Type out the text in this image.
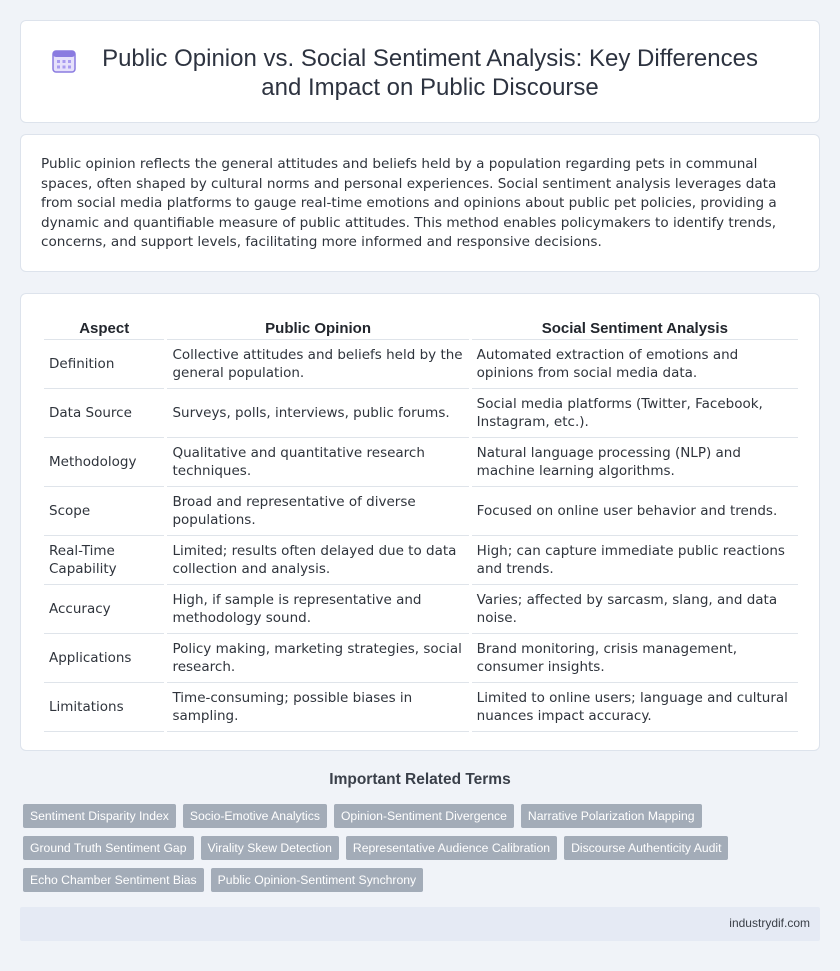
Public Opinion vs. Social Sentiment Analysis: Key Differences and Impact on Public Discourse

Public opinion reflects the general attitudes and beliefs held by a population regarding pets in communal spaces, often shaped by cultural norms and personal experiences. Social sentiment analysis leverages data from social media platforms to gauge real-time emotions and opinions about public pet policies, providing a dynamic and quantifiable measure of public attitudes. This method enables policymakers to identify trends, concerns, and support levels, facilitating more informed and responsive decisions.

Aspect	Public Opinion	Social Sentiment Analysis
Definition	Collective attitudes and beliefs held by the general population.	Automated extraction of emotions and opinions from social media data.
Data Source	Surveys, polls, interviews, public forums.	Social media platforms (Twitter, Facebook, Instagram, etc.).
Methodology	Qualitative and quantitative research techniques.	Natural language processing (NLP) and machine learning algorithms.
Scope	Broad and representative of diverse populations.	Focused on online user behavior and trends.
Real-Time Capability	Limited; results often delayed due to data collection and analysis.	High; can capture immediate public reactions and trends.
Accuracy	High, if sample is representative and methodology sound.	Varies; affected by sarcasm, slang, and data noise.
Applications	Policy making, marketing strategies, social research.	Brand monitoring, crisis management, consumer insights.
Limitations	Time-consuming; possible biases in sampling.	Limited to online users; language and cultural nuances impact accuracy.
Important Related Terms
Sentiment Disparity Index	Socio-Emotive Analytics	Opinion-Sentiment Divergence	Narrative Polarization Mapping
Ground Truth Sentiment Gap	Virality Skew Detection	Representative Audience Calibration	Discourse Authenticity Audit
Echo Chamber Sentiment Bias	Public Opinion-Sentiment Synchrony
industrydif.com
